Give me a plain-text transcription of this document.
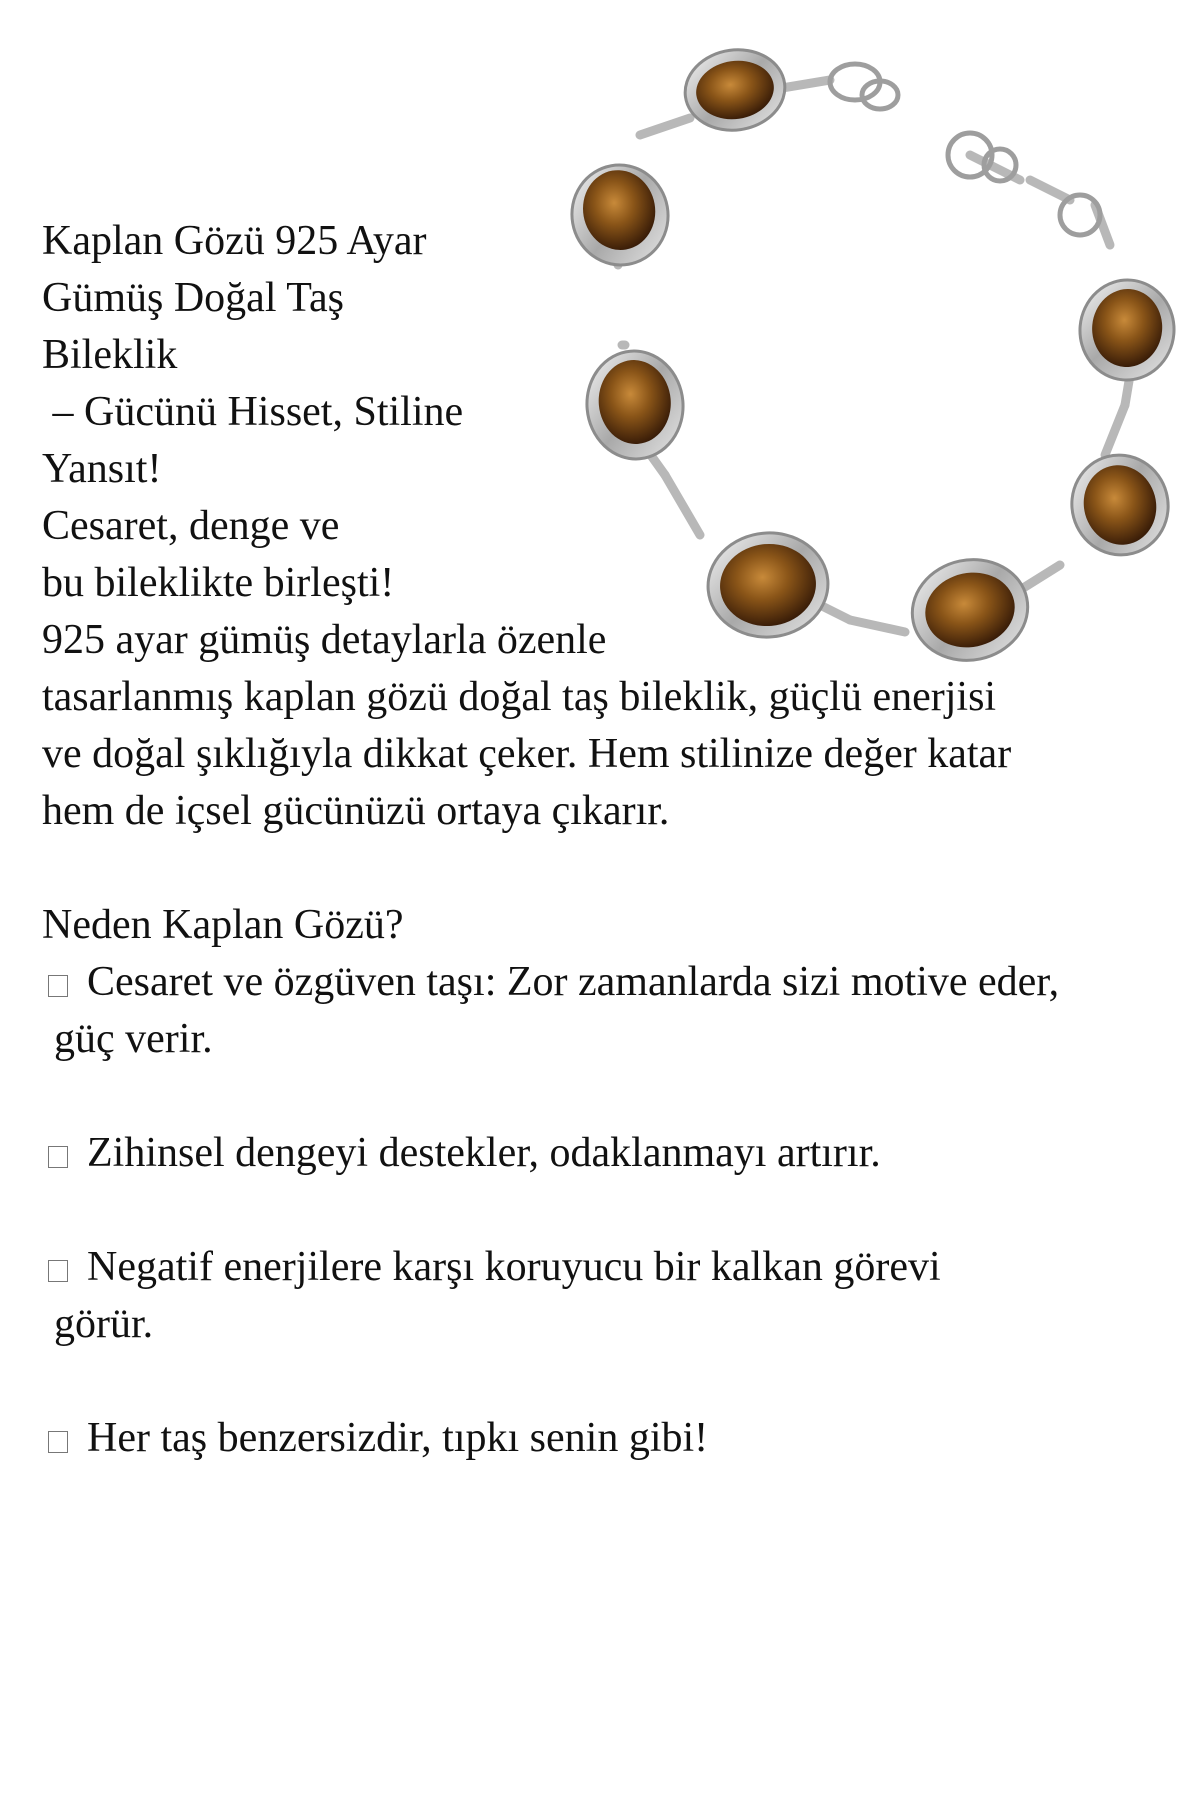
Kaplan Gözü 925 Ayar
Gümüş Doğal Taş
Bileklik
– Gücünü Hisset, Stiline
Yansıt!
Cesaret, denge ve
bu bileklikte birleşti!
925 ayar gümüş detaylarla özenle
tasarlanmış kaplan gözü doğal taş bileklik, güçlü enerjisi
ve doğal şıklığıyla dikkat çeker. Hem stilinize değer katar
hem de içsel gücünüzü ortaya çıkarır.
Neden Kaplan Gözü?
Cesaret ve özgüven taşı: Zor zamanlarda sizi motive eder,
güç verir.
Zihinsel dengeyi destekler, odaklanmayı artırır.
Negatif enerjilere karşı koruyucu bir kalkan görevi
görür.
Her taş benzersizdir, tıpkı senin gibi!
